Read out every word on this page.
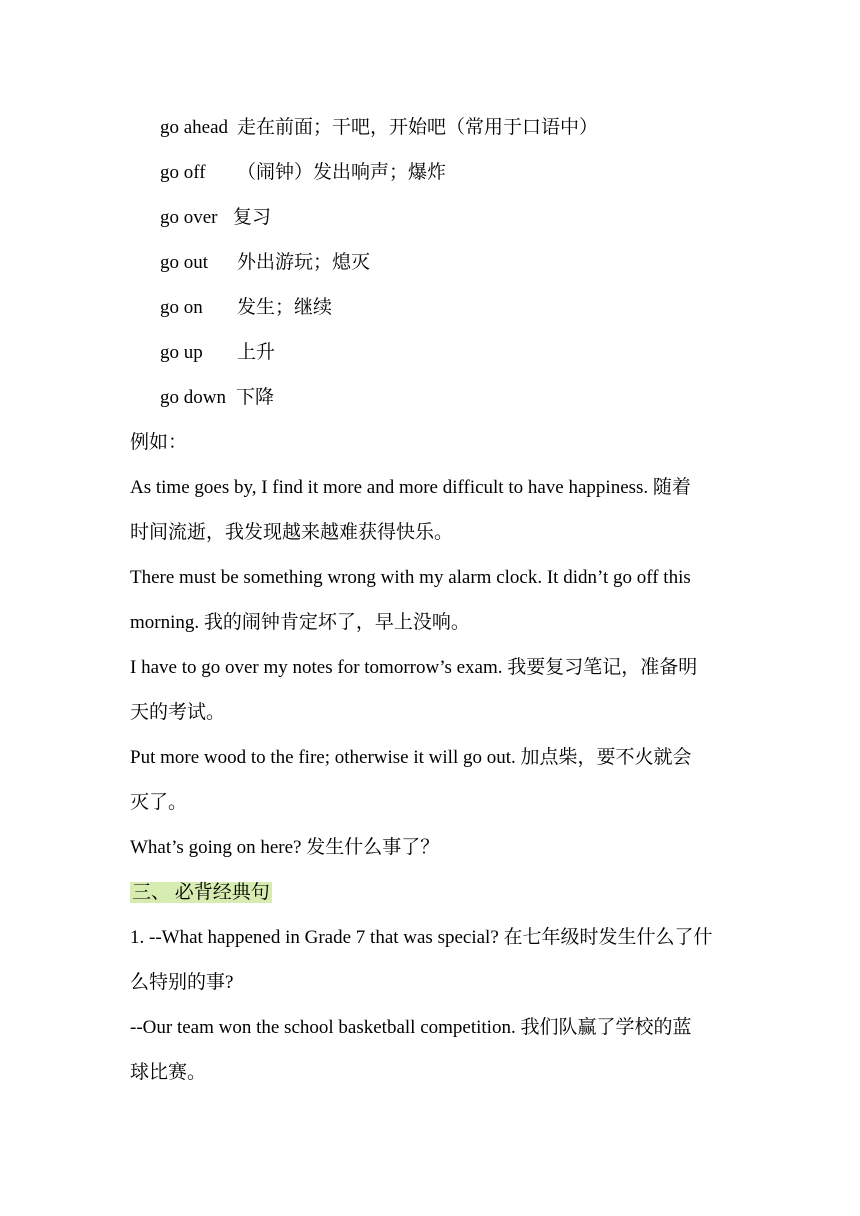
go ahead 走在前面；干吧，开始吧（常用于口语中）
go off （闹钟）发出响声；爆炸
go over 复习
go out 外出游玩；熄灭
go on 发生；继续
go up 上升
go down 下降
例如：
As time goes by, I find it more and more difficult to have happiness. 随着
时间流逝，我发现越来越难获得快乐。
There must be something wrong with my alarm clock. It didn’t go off this
morning. 我的闹钟肯定坏了，早上没响。
I have to go over my notes for tomorrow’s exam. 我要复习笔记，准备明
天的考试。
Put more wood to the fire; otherwise it will go out. 加点柴，要不火就会
灭了。
What’s going on here? 发生什么事了？
三、 必背经典句
1. --What happened in Grade 7 that was special? 在七年级时发生什么了什
么特别的事?
--Our team won the school basketball competition. 我们队赢了学校的蓝
球比赛。
